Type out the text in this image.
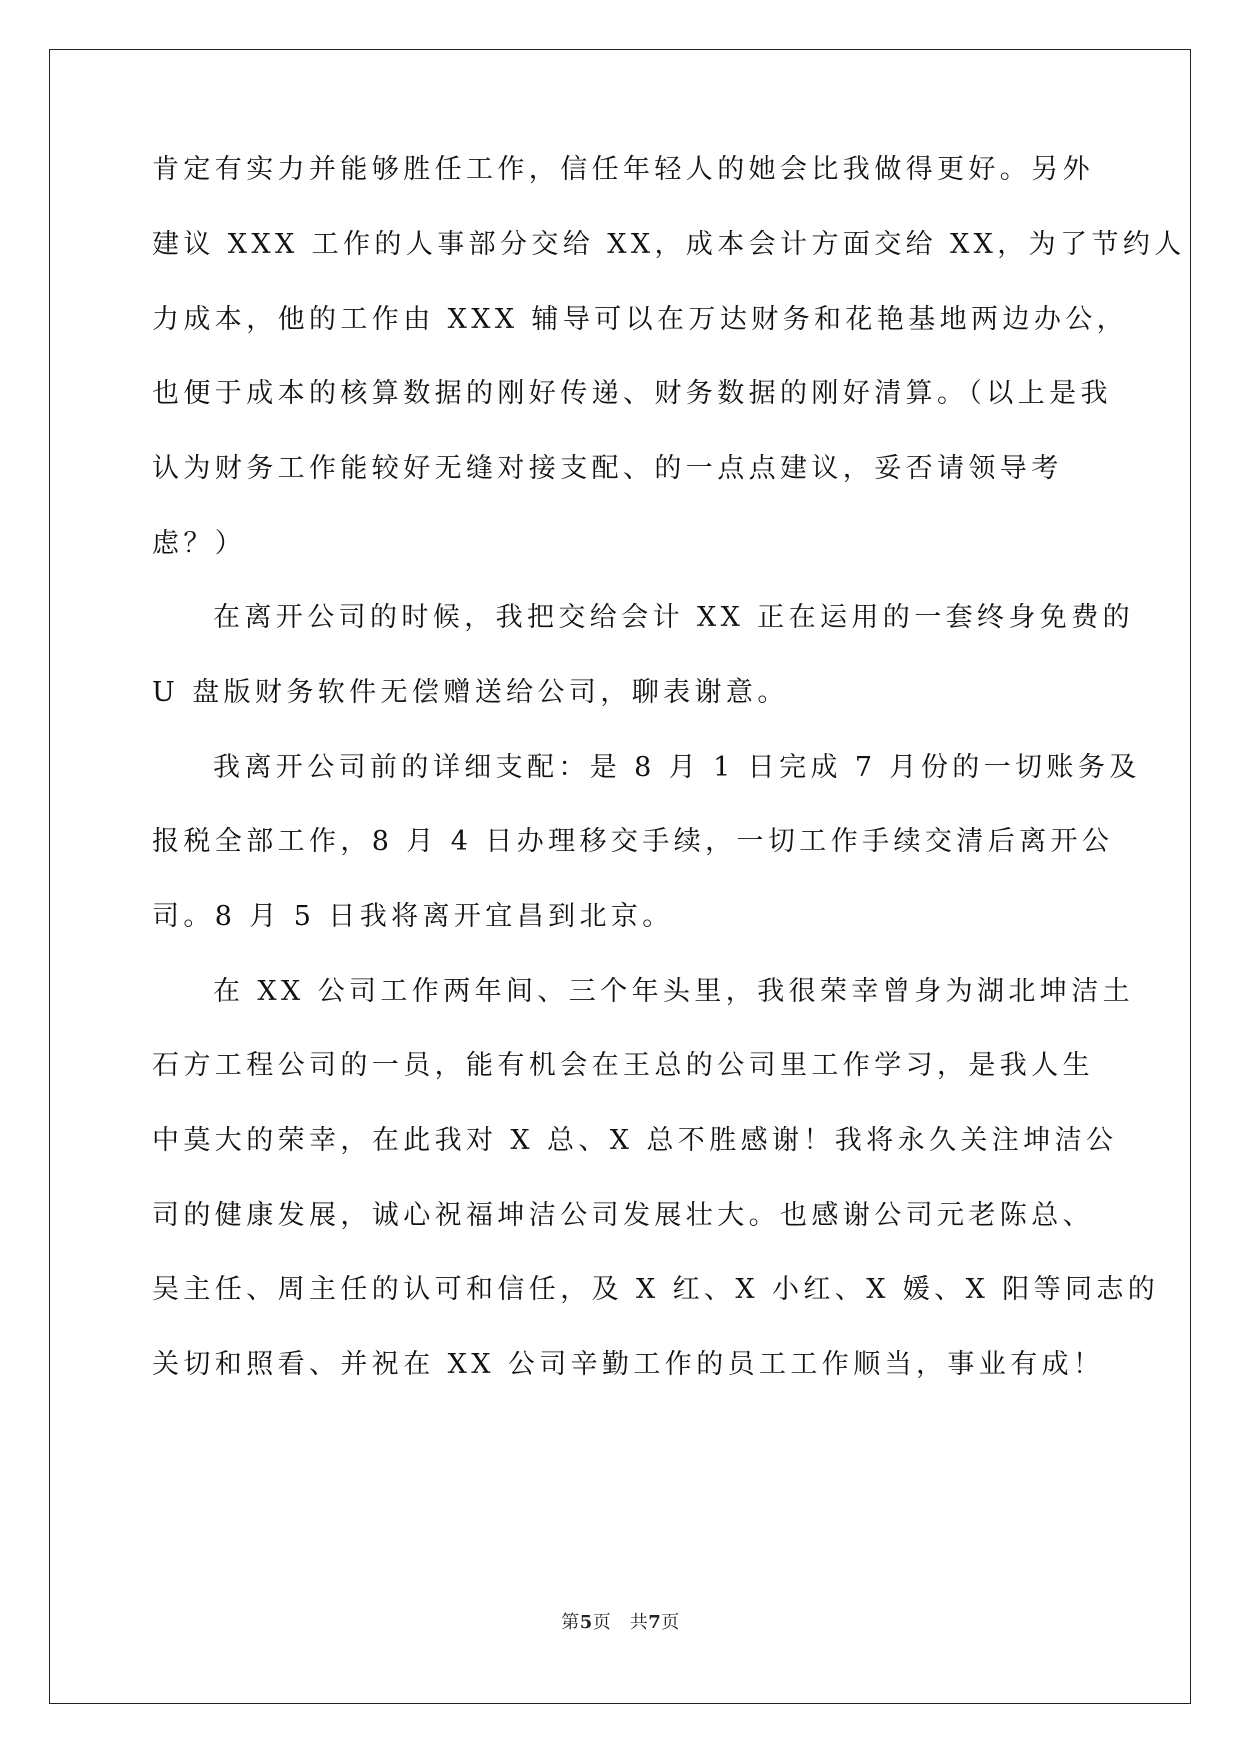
肯定有实力并能够胜任工作，信任年轻人的她会比我做得更好。另外
建议 XXX 工作的人事部分交给 XX，成本会计方面交给 XX，为了节约人
力成本，他的工作由 XXX 辅导可以在万达财务和花艳基地两边办公，
也便于成本的核算数据的刚好传递、财务数据的刚好清算。（以上是我
认为财务工作能较好无缝对接支配、的一点点建议，妥否请领导考
虑？）
在离开公司的时候，我把交给会计 XX 正在运用的一套终身免费的
U 盘版财务软件无偿赠送给公司，聊表谢意。
我离开公司前的详细支配：是 8 月 1 日完成 7 月份的一切账务及
报税全部工作，8 月 4 日办理移交手续，一切工作手续交清后离开公
司。8 月 5 日我将离开宜昌到北京。
在 XX 公司工作两年间、三个年头里，我很荣幸曾身为湖北坤洁土
石方工程公司的一员，能有机会在王总的公司里工作学习，是我人生
中莫大的荣幸，在此我对 X 总、X 总不胜感谢！我将永久关注坤洁公
司的健康发展，诚心祝福坤洁公司发展壮大。也感谢公司元老陈总、
吴主任、周主任的认可和信任，及 X 红、X 小红、X 媛、X 阳等同志的
关切和照看、并祝在 XX 公司辛勤工作的员工工作顺当，事业有成！
第5页　共7页
